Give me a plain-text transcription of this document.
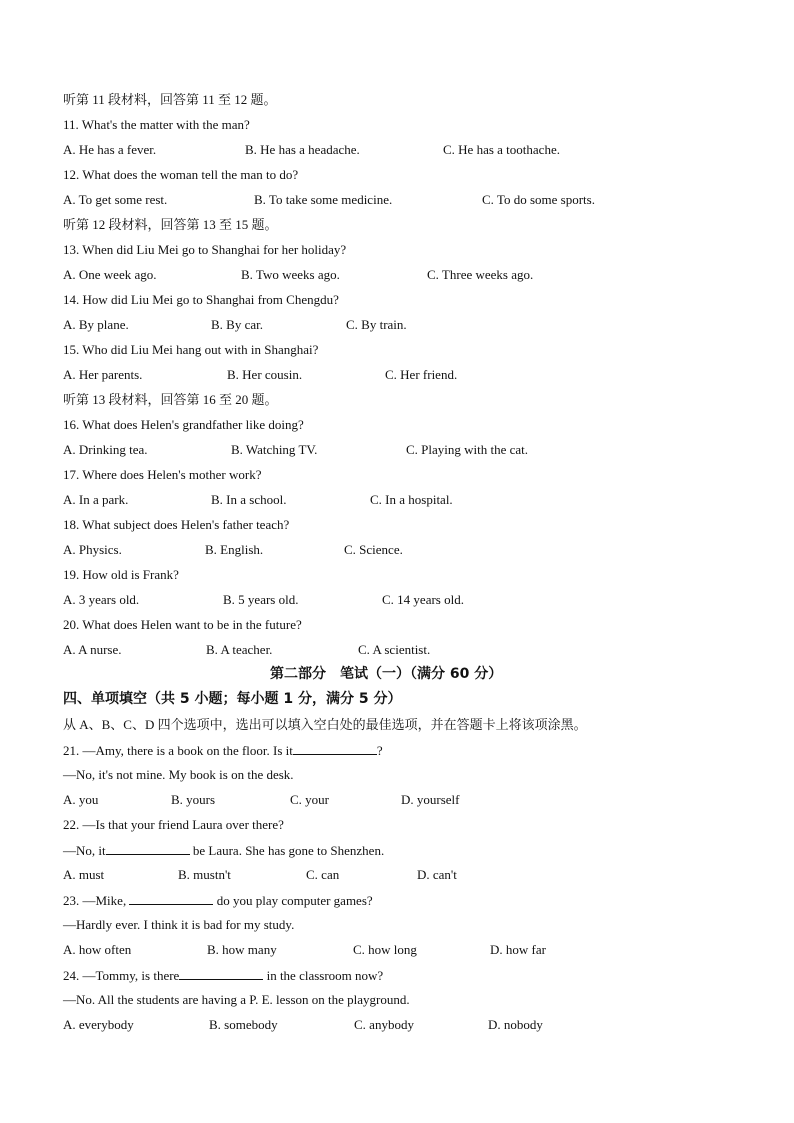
听第 11 段材料，回答第 11 至 12 题。
11. What's the matter with the man?
A. He has a fever.	B. He has a headache.	C. He has a toothache.
12. What does the woman tell the man to do?
A. To get some rest.	B. To take some medicine.	C. To do some sports.
听第 12 段材料，回答第 13 至 15 题。
13. When did Liu Mei go to Shanghai for her holiday?
A. One week ago.	B. Two weeks ago.	C. Three weeks ago.
14. How did Liu Mei go to Shanghai from Chengdu?
A. By plane.	B. By car.	C. By train.
15. Who did Liu Mei hang out with in Shanghai?
A. Her parents.	B. Her cousin.	C. Her friend.
听第 13 段材料，回答第 16 至 20 题。
16. What does Helen's grandfather like doing?
A. Drinking tea.	B. Watching TV.	C. Playing with the cat.
17. Where does Helen's mother work?
A. In a park.	B. In a school.	C. In a hospital.
18. What subject does Helen's father teach?
A. Physics.	B. English.	C. Science.
19. How old is Frank?
A. 3 years old.	B. 5 years old.	C. 14 years old.
20. What does Helen want to be in the future?
A. A nurse.	B. A teacher.	C. A scientist.
第二部分　笔试（一）（满分 60 分）
四、单项填空（共 5 小题；每小题 1 分，满分 5 分）
从 A、B、C、D 四个选项中，选出可以填入空白处的最佳选项，并在答题卡上将该项涂黑。
21. —Amy, there is a book on the floor. Is it	?
—No, it's not mine. My book is on the desk.
A. you	B. yours	C. your	D. yourself
22. —Is that your friend Laura over there?
—No, it	be Laura. She has gone to Shenzhen.
A. must	B. mustn't	C. can	D. can't
23. —Mike,	do you play computer games?
—Hardly ever. I think it is bad for my study.
A. how often	B. how many	C. how long	D. how far
24. —Tommy, is there	in the classroom now?
—No. All the students are having a P. E. lesson on the playground.
A. everybody	B. somebody	C. anybody	D. nobody
